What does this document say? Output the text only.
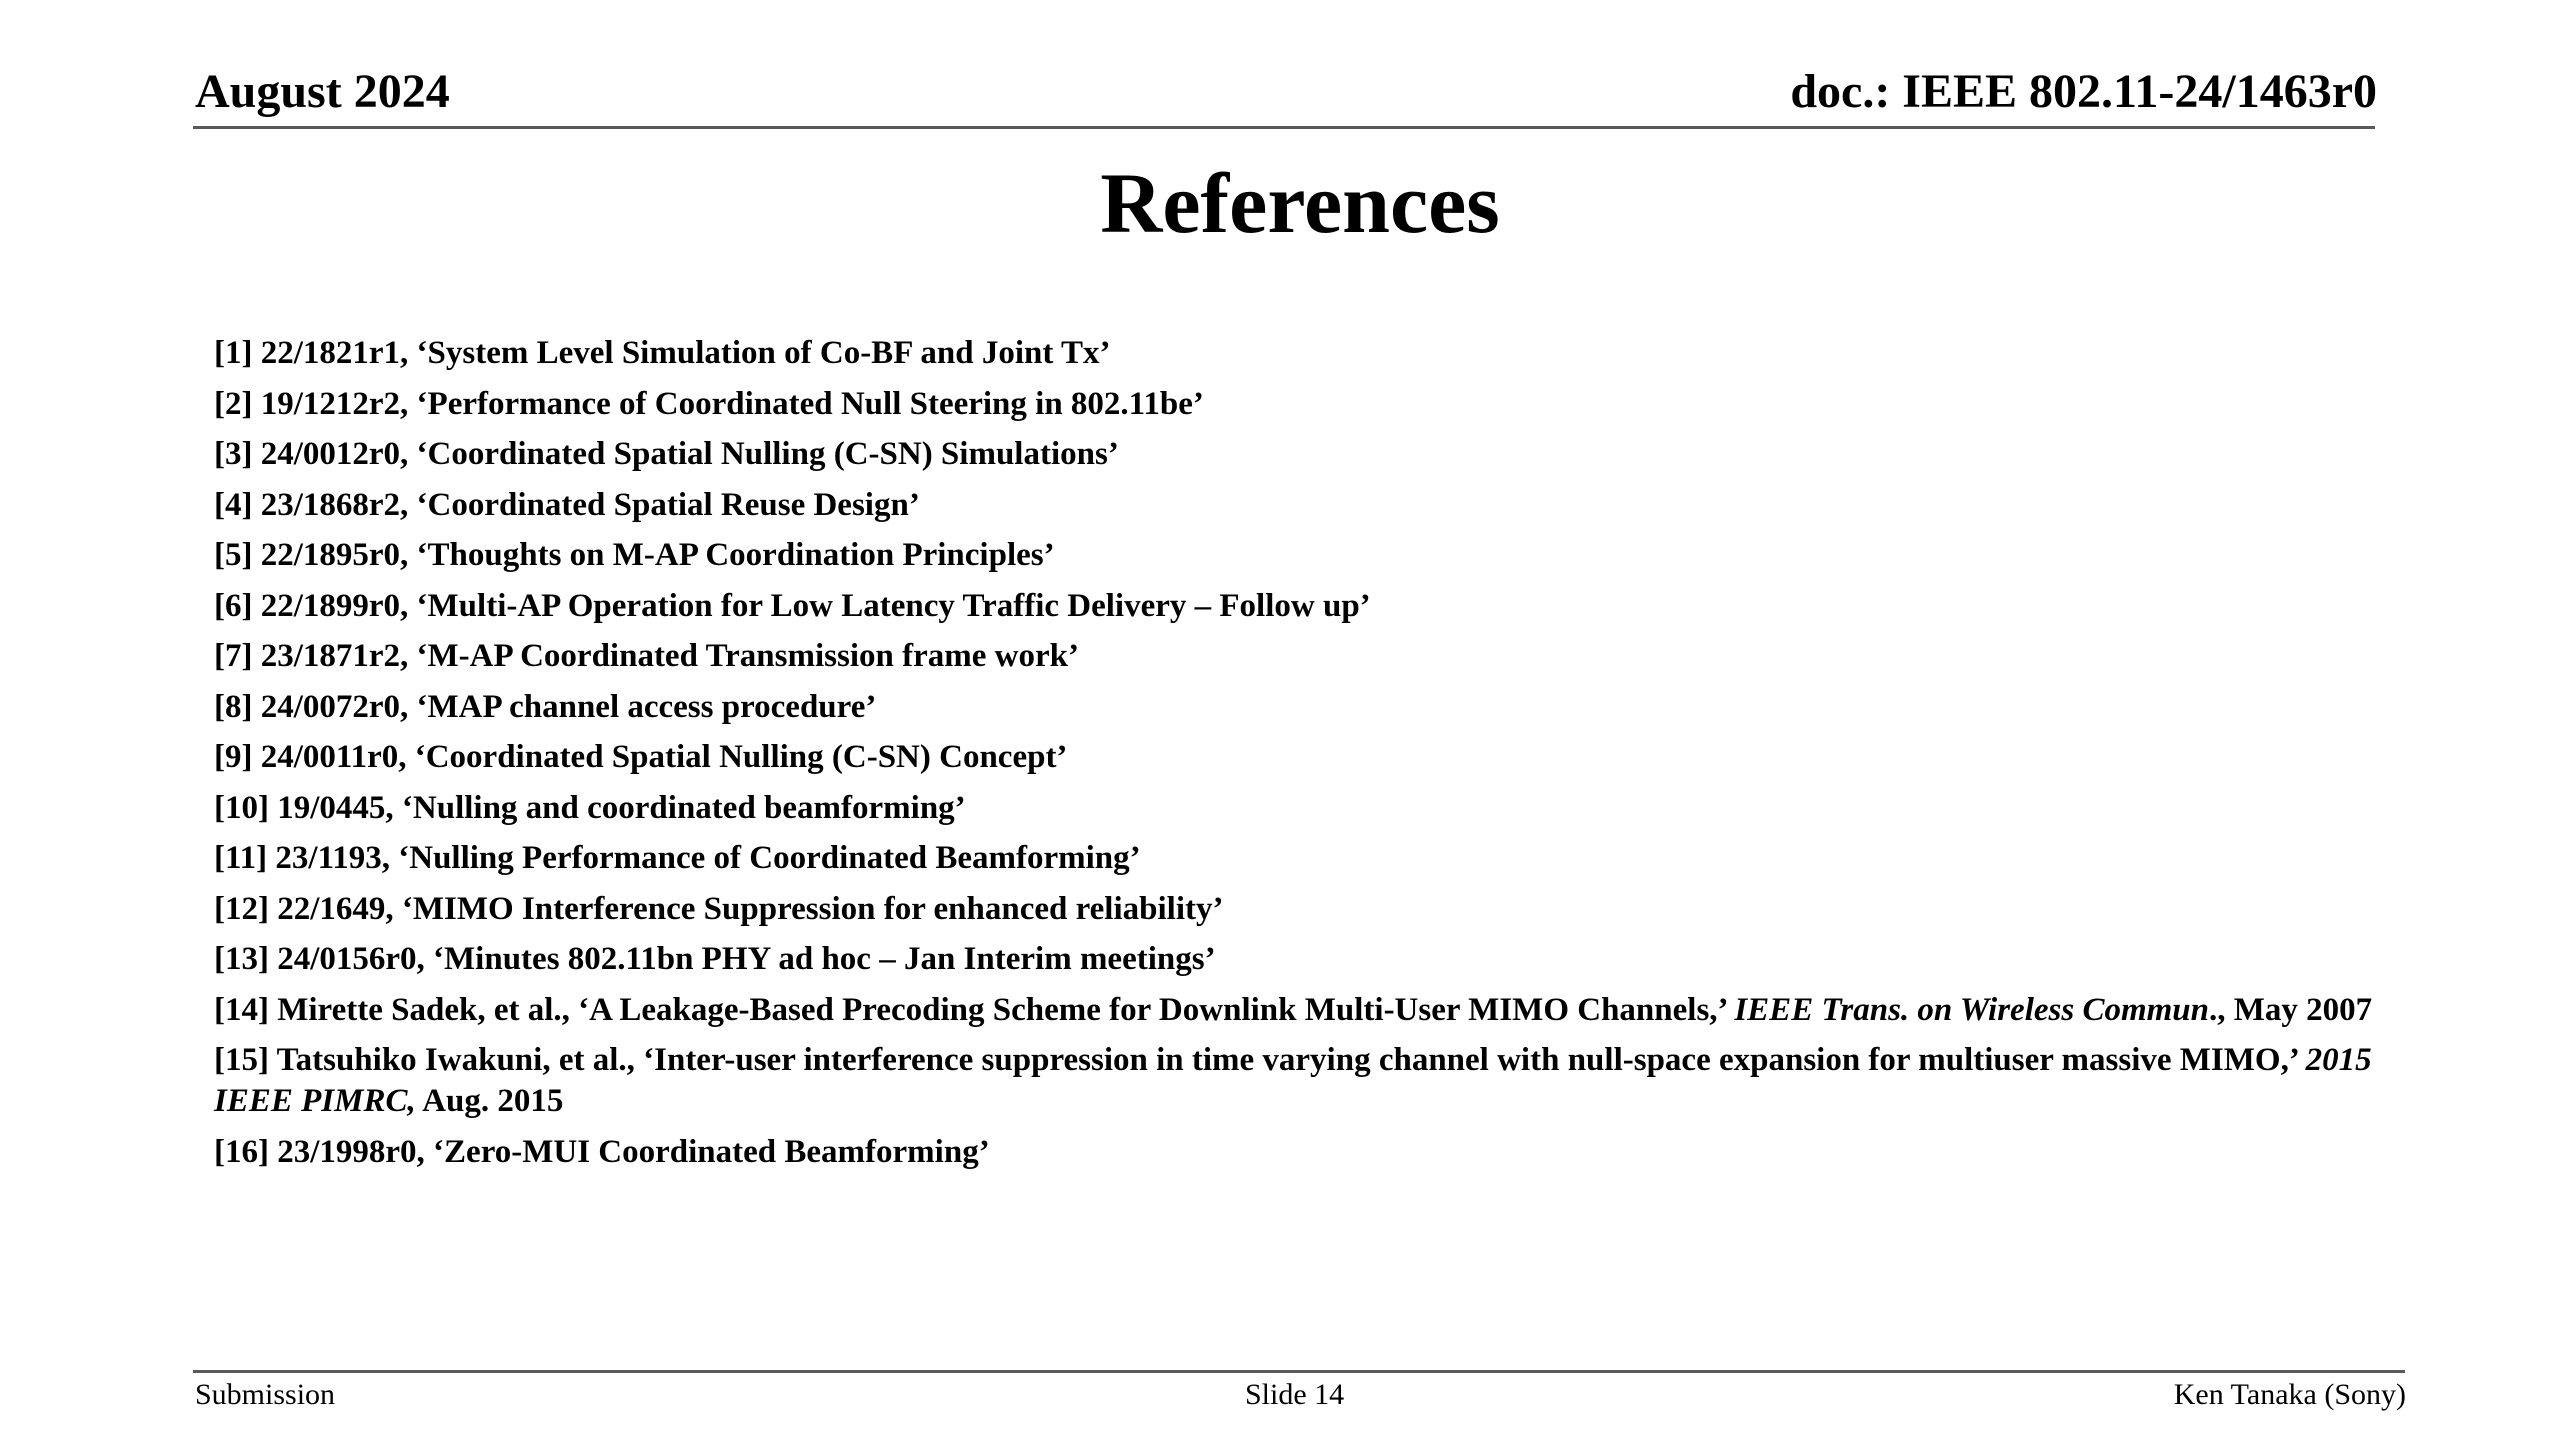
August 2024	doc.: IEEE 802.11-24/1463r0
References
[1] 22/1821r1, ‘System Level Simulation of Co-BF and Joint Tx’
[2] 19/1212r2, ‘Performance of Coordinated Null Steering in 802.11be’
[3] 24/0012r0, ‘Coordinated Spatial Nulling (C-SN) Simulations’
[4] 23/1868r2, ‘Coordinated Spatial Reuse Design’
[5] 22/1895r0, ‘Thoughts on M-AP Coordination Principles’
[6] 22/1899r0, ‘Multi-AP Operation for Low Latency Traffic Delivery – Follow up’
[7] 23/1871r2, ‘M-AP Coordinated Transmission frame work’
[8] 24/0072r0, ‘MAP channel access procedure’
[9] 24/0011r0, ‘Coordinated Spatial Nulling (C-SN) Concept’
[10] 19/0445, ‘Nulling and coordinated beamforming’
[11] 23/1193, ‘Nulling Performance of Coordinated Beamforming’
[12] 22/1649, ‘MIMO Interference Suppression for enhanced reliability’
[13] 24/0156r0, ‘Minutes 802.11bn PHY ad hoc – Jan Interim meetings’
[14] Mirette Sadek, et al., ‘A Leakage-Based Precoding Scheme for Downlink Multi-User MIMO Channels,’ IEEE Trans. on Wireless Commun., May 2007
[15] Tatsuhiko Iwakuni, et al., ‘Inter-user interference suppression in time varying channel with null-space expansion for multiuser massive MIMO,’ 2015 IEEE PIMRC, Aug. 2015
[16] 23/1998r0, ‘Zero-MUI Coordinated Beamforming’
Submission	Slide 14	Ken Tanaka (Sony)
